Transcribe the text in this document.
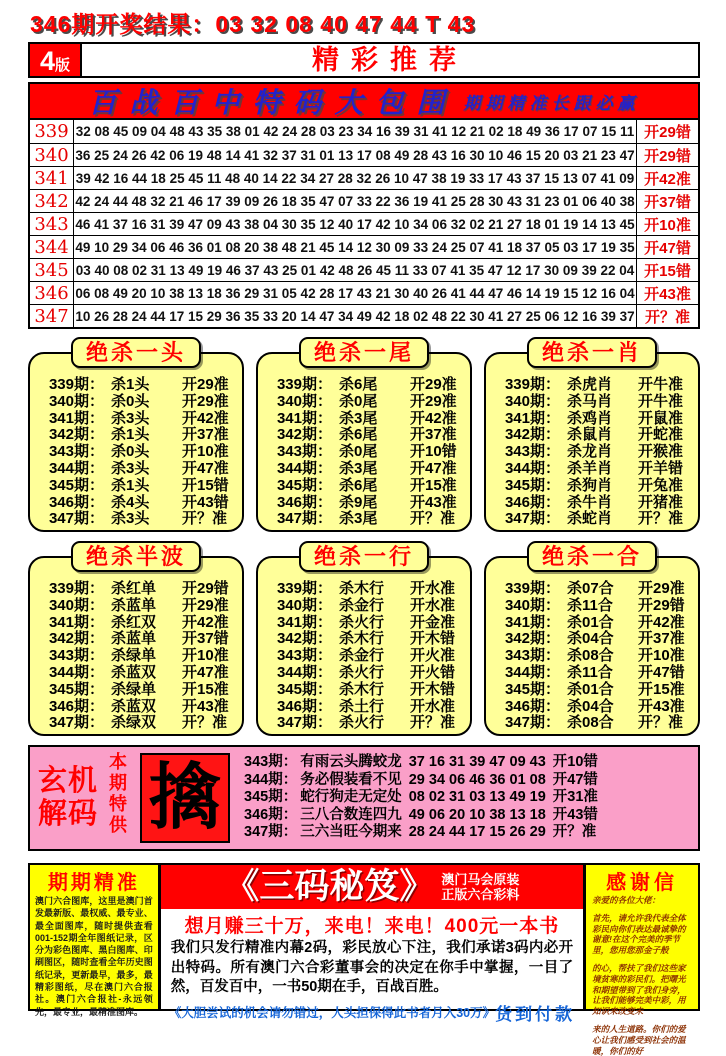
346期开奖结果：03 32 08 40 47 44 T 43
4 版	精彩推荐
百战百中特码大包围 期期精准长跟必赢
339 32 08 45 09 04 48 43 35 38 01 42 24 28 03 23 34 16 39 31 41 12 21 02 18 49 36 17 07 15 11 开29错
340 36 25 24 26 42 06 19 48 14 41 32 37 31 01 13 17 08 49 28 43 16 30 10 46 15 20 03 21 23 47 开29错
341 39 42 16 44 18 25 45 11 48 40 14 22 34 27 28 32 26 10 47 38 19 33 17 43 37 15 13 07 41 09 开42准
342 42 24 44 48 32 21 46 17 39 09 26 18 35 47 07 33 22 36 19 41 25 28 30 43 31 23 01 06 40 38 开37错
343 46 41 37 16 31 39 47 09 43 38 04 30 35 12 40 17 42 10 34 06 32 02 21 27 18 01 19 14 13 45 开10准
344 49 10 29 34 06 46 36 01 08 20 38 48 21 45 14 12 30 09 33 24 25 07 41 18 37 05 03 17 19 35 开47错
345 03 40 08 02 31 13 49 19 46 37 43 25 01 42 48 26 45 11 33 07 41 35 47 12 17 30 09 39 22 04 开15错
346 06 08 49 20 10 38 13 18 36 29 31 05 42 28 17 43 21 30 40 26 41 44 47 46 14 19 15 12 16 04 开43准
347 10 26 28 24 44 17 15 29 36 35 33 20 14 47 34 49 42 18 02 48 22 30 41 27 25 06 12 16 39 37 开？准
绝杀一头
339期： 杀1头	开29准
340期： 杀0头	开29准
341期： 杀3头	开42准
342期： 杀1头	开37准
343期： 杀0头	开10准
344期： 杀3头	开47准
345期： 杀1头	开15错
346期： 杀4头	开43错
347期： 杀3头	开？准
绝杀一尾
339期： 杀6尾	开29准
340期： 杀0尾	开29准
341期： 杀3尾	开42准
342期： 杀6尾	开37准
343期： 杀0尾	开10错
344期： 杀3尾	开47准
345期： 杀6尾	开15准
346期： 杀9尾	开43准
347期： 杀3尾	开？准
绝杀一肖
339期： 杀虎肖	开牛准
340期： 杀马肖	开牛准
341期： 杀鸡肖	开鼠准
342期： 杀鼠肖	开蛇准
343期： 杀龙肖	开猴准
344期： 杀羊肖	开羊错
345期： 杀狗肖	开兔准
346期： 杀牛肖	开猪准
347期： 杀蛇肖	开？准
绝杀半波
339期： 杀红单	开29错
340期： 杀蓝单	开29准
341期： 杀红双	开42准
342期： 杀蓝单	开37错
343期： 杀绿单	开10准
344期： 杀蓝双	开47准
345期： 杀绿单	开15准
346期： 杀蓝双	开43准
347期： 杀绿双	开？准
绝杀一行
339期： 杀木行	开水准
340期： 杀金行	开水准
341期： 杀火行	开金准
342期： 杀木行	开木错
343期： 杀金行	开火准
344期： 杀火行	开火错
345期： 杀木行	开木错
346期： 杀土行	开水准
347期： 杀火行	开？准
绝杀一合
339期： 杀07合	开29准
340期： 杀11合	开29错
341期： 杀01合	开42准
342期： 杀04合	开37准
343期： 杀08合	开10准
344期： 杀11合	开47错
345期： 杀01合	开15准
346期： 杀04合	开43准
347期： 杀08合	开？准
玄机
解码 本期特供 擒 343期： 有雨云头腾蛟龙 37 16 31 39 47 09 43 开10错
344期： 务必假装看不见 29 34 06 46 36 01 08 开47错
345期： 蛇行狗走无定处 08 02 31 03 13 49 19 开31准
346期： 三八合数连四九 49 06 20 10 38 13 18 开43错
347期： 三六当旺今期来 28 24 44 17 15 26 29 开？准
期期精准
澳门六合图库，这里是澳门首发最新版、最权威、最专业、最全面图库，随时提供查看001-152期全年图纸记录，区分为彩色图库、黑白图库、印刷图区，随时查看全年历史图纸记录，更新最早，最多，最精彩图纸，尽在澳门六合报社。澳门六合报社-永远领先，最专业，最精准图库。
《三码秘笈》 澳门马会原装
正版六合彩料
想月赚三十万，来电！来电！400元一本书
我们只发行精准内幕2码，彩民放心下注，我们承诺3码内必开出特码。所有澳门六合彩董事会的决定在你手中掌握，一目了然，百发百中，一书50期在手，百战百胜。
《大胆尝试的机会请勿错过，人头担保得此书者月入30万》 货到付款
感谢信

亲爱的各位大佬：

首先，请允许我代表全体彩民向你们表达最诚挚的谢意!在这个完美的季节里，您用您那金子般

的心，帮扶了我们这些家境贫寒的彩民们。把曙光和期望带到了我们身旁，让我们能够完美中彩，用知识来改变未

来的人生道路。你们的爱心让我们感受到社会的温暖，你们的好
